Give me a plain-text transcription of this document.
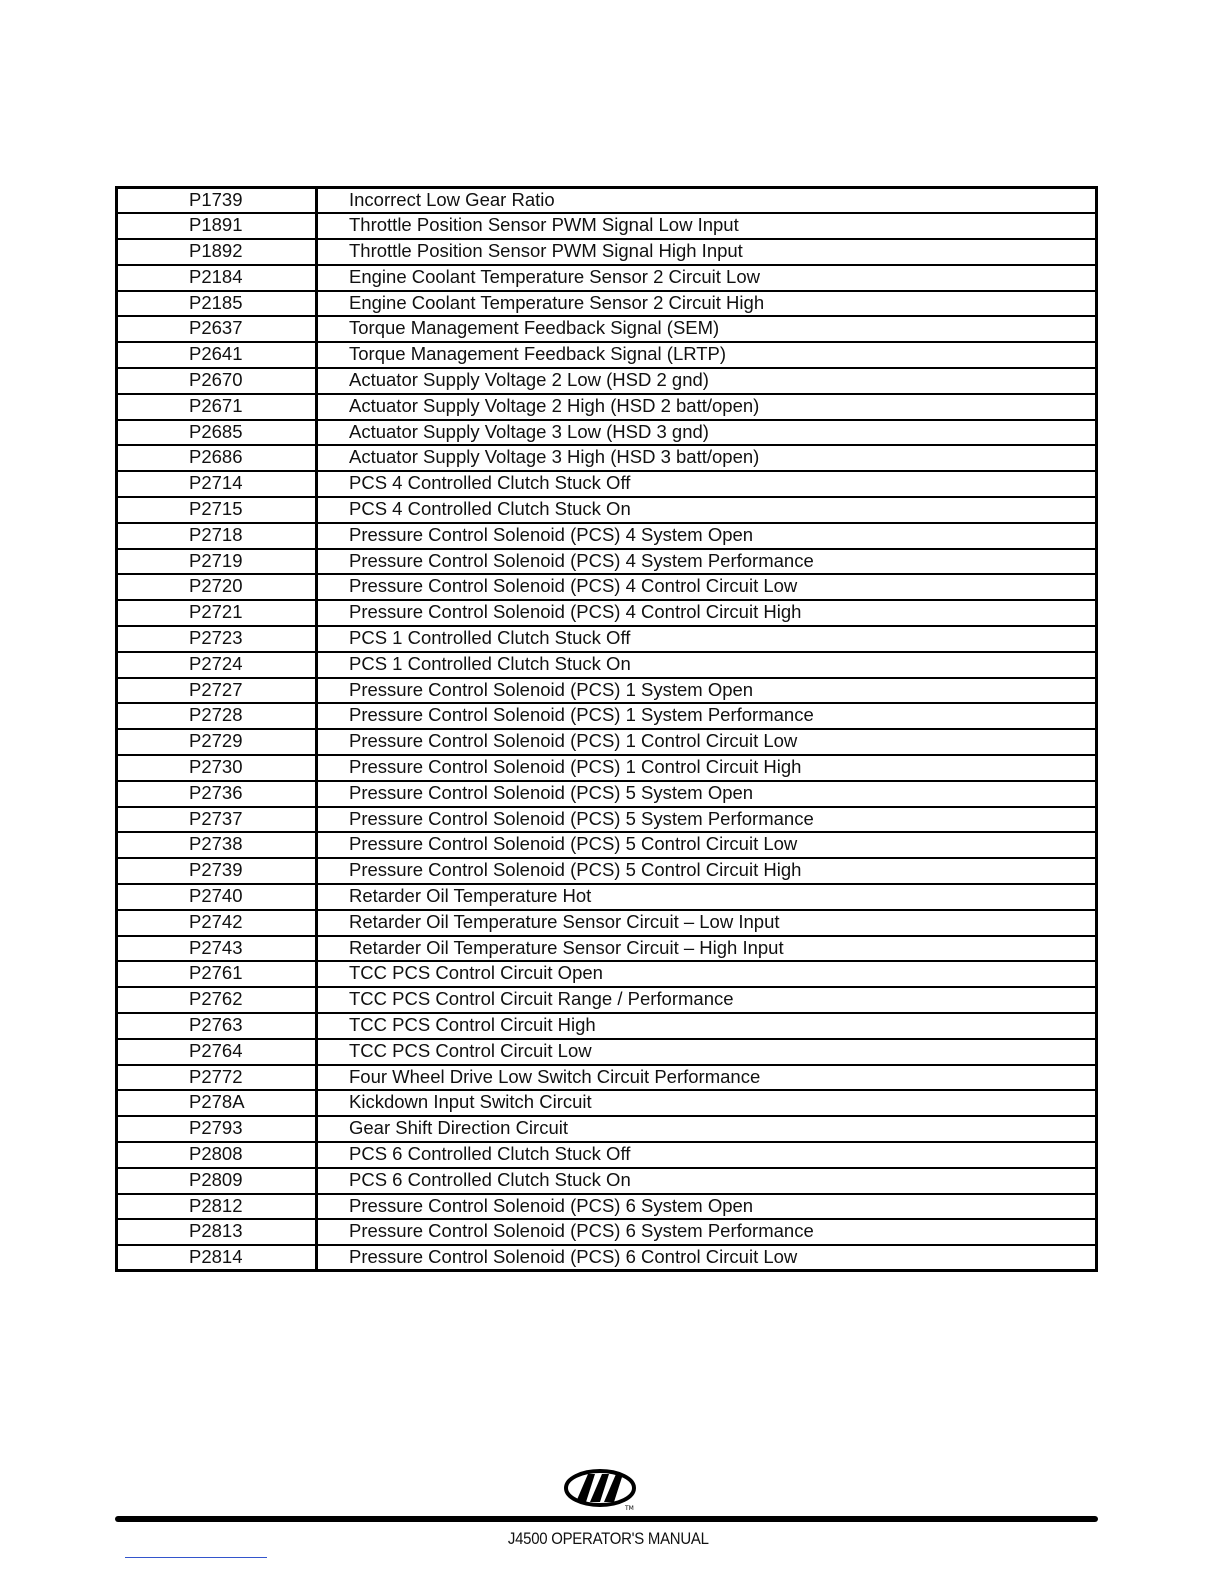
P1739	Incorrect Low Gear Ratio
P1891	Throttle Position Sensor PWM Signal Low Input
P1892	Throttle Position Sensor PWM Signal High Input
P2184	Engine Coolant Temperature Sensor 2 Circuit Low
P2185	Engine Coolant Temperature Sensor 2 Circuit High
P2637	Torque Management Feedback Signal (SEM)
P2641	Torque Management Feedback Signal (LRTP)
P2670	Actuator Supply Voltage 2 Low (HSD 2 gnd)
P2671	Actuator Supply Voltage 2 High (HSD 2 batt/open)
P2685	Actuator Supply Voltage 3 Low (HSD 3 gnd)
P2686	Actuator Supply Voltage 3 High (HSD 3 batt/open)
P2714	PCS 4 Controlled Clutch Stuck Off
P2715	PCS 4 Controlled Clutch Stuck On
P2718	Pressure Control Solenoid (PCS) 4 System Open
P2719	Pressure Control Solenoid (PCS) 4 System Performance
P2720	Pressure Control Solenoid (PCS) 4 Control Circuit Low
P2721	Pressure Control Solenoid (PCS) 4 Control Circuit High
P2723	PCS 1 Controlled Clutch Stuck Off
P2724	PCS 1 Controlled Clutch Stuck On
P2727	Pressure Control Solenoid (PCS) 1 System Open
P2728	Pressure Control Solenoid (PCS) 1 System Performance
P2729	Pressure Control Solenoid (PCS) 1 Control Circuit Low
P2730	Pressure Control Solenoid (PCS) 1 Control Circuit High
P2736	Pressure Control Solenoid (PCS) 5 System Open
P2737	Pressure Control Solenoid (PCS) 5 System Performance
P2738	Pressure Control Solenoid (PCS) 5 Control Circuit Low
P2739	Pressure Control Solenoid (PCS) 5 Control Circuit High
P2740	Retarder Oil Temperature Hot
P2742	Retarder Oil Temperature Sensor Circuit – Low Input
P2743	Retarder Oil Temperature Sensor Circuit – High Input
P2761	TCC PCS Control Circuit Open
P2762	TCC PCS Control Circuit Range / Performance
P2763	TCC PCS Control Circuit High
P2764	TCC PCS Control Circuit Low
P2772	Four Wheel Drive Low Switch Circuit Performance
P278A	Kickdown Input Switch Circuit
P2793	Gear Shift Direction Circuit
P2808	PCS 6 Controlled Clutch Stuck Off
P2809	PCS 6 Controlled Clutch Stuck On
P2812	Pressure Control Solenoid (PCS) 6 System Open
P2813	Pressure Control Solenoid (PCS) 6 System Performance
P2814	Pressure Control Solenoid (PCS) 6 Control Circuit Low
TM
J4500 OPERATOR'S MANUAL
